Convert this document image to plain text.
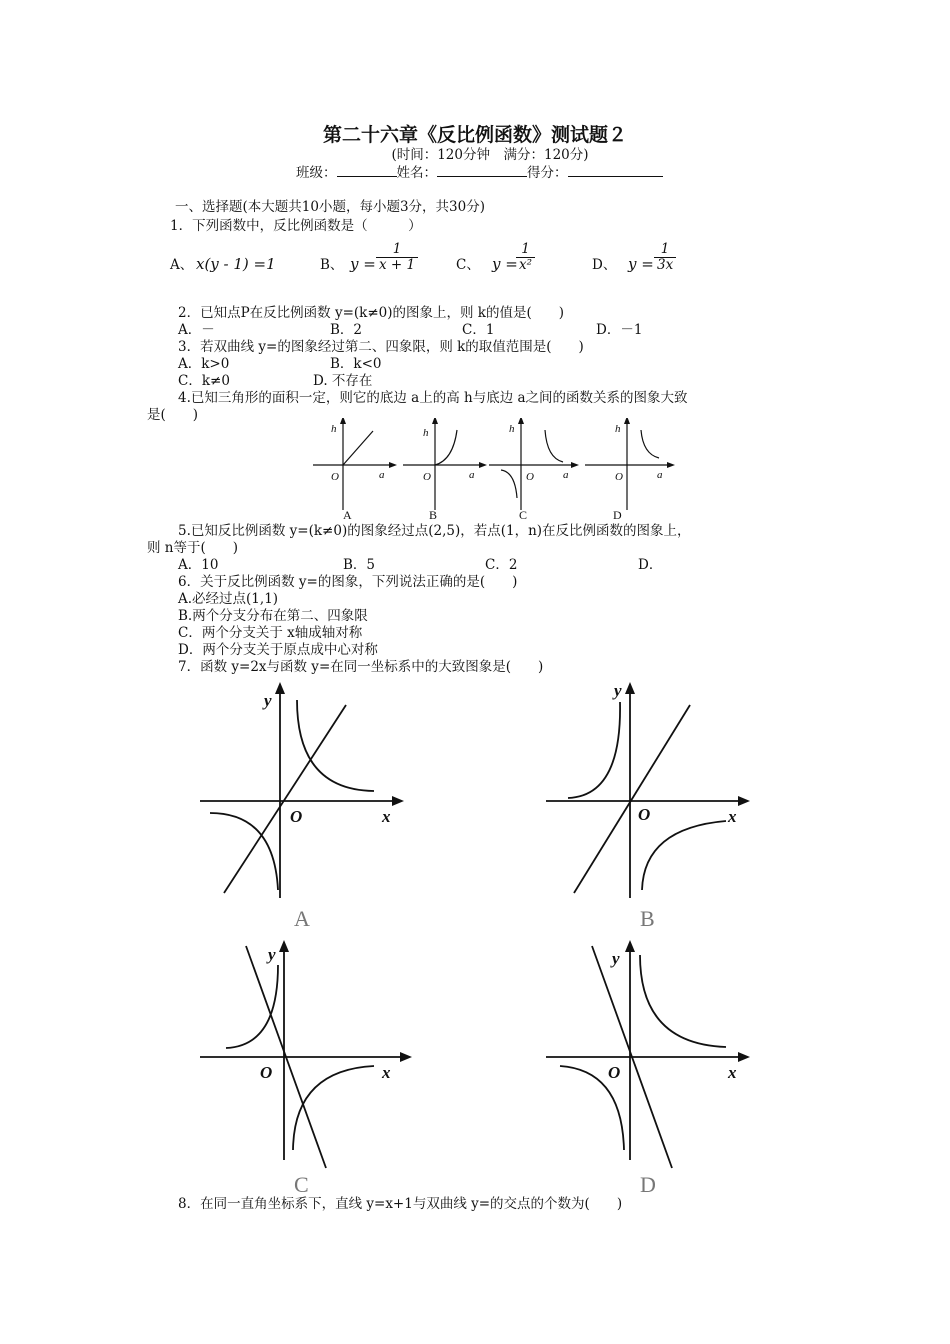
第二十六章《反比例函数》测试题２
(时间：120分钟　满分：120分)
班级：	姓名：	得分：
一、选择题(本大题共10小题，每小题3分，共30分)
1．下列函数中，反比例函数是（　　　）
A、 x(y - 1) =1	B、 $y = \frac{1}{x + 1}$	C、 y =
$\frac{1}{\text{x²}}$	D、 $y = \frac{1}{3x}$
2．已知点P在反比例函数 y=(k≠0)的图象上，则 k的值是(　　)
A．－	B．2	C．1	D．－1
3．若双曲线 y=的图象经过第二、四象限，则 k的取值范围是(　　)
A．k>0	B．k<0
C．k≠0	D. 不存在
4.已知三角形的面积一定，则它的底边 a上的高 h与底边 a之间的函数关系的图象大致
是(　　)
h
O	a
h
O	a
h
O	a
h
O	a
A	B	C	D
5.已知反比例函数 y=(k≠0)的图象经过点(2,5)，若点(1，n)在反比例函数的图象上，
则 n等于(　　)
A．10	B．5	C．2	D．
6．关于反比例函数 y=的图象，下列说法正确的是(　　)
A.必经过点(1,1)
B.两个分支分布在第二、四象限
C．两个分支关于 x轴成轴对称
D．两个分支关于原点成中心对称
7．函数 y=2x与函数 y=在同一坐标系中的大致图象是(　　)
y
O	x
y
O	x
y
O	x
y
O	x
A	B
C	D
8．在同一直角坐标系下，直线 y=x+1与双曲线 y=的交点的个数为(　　)
